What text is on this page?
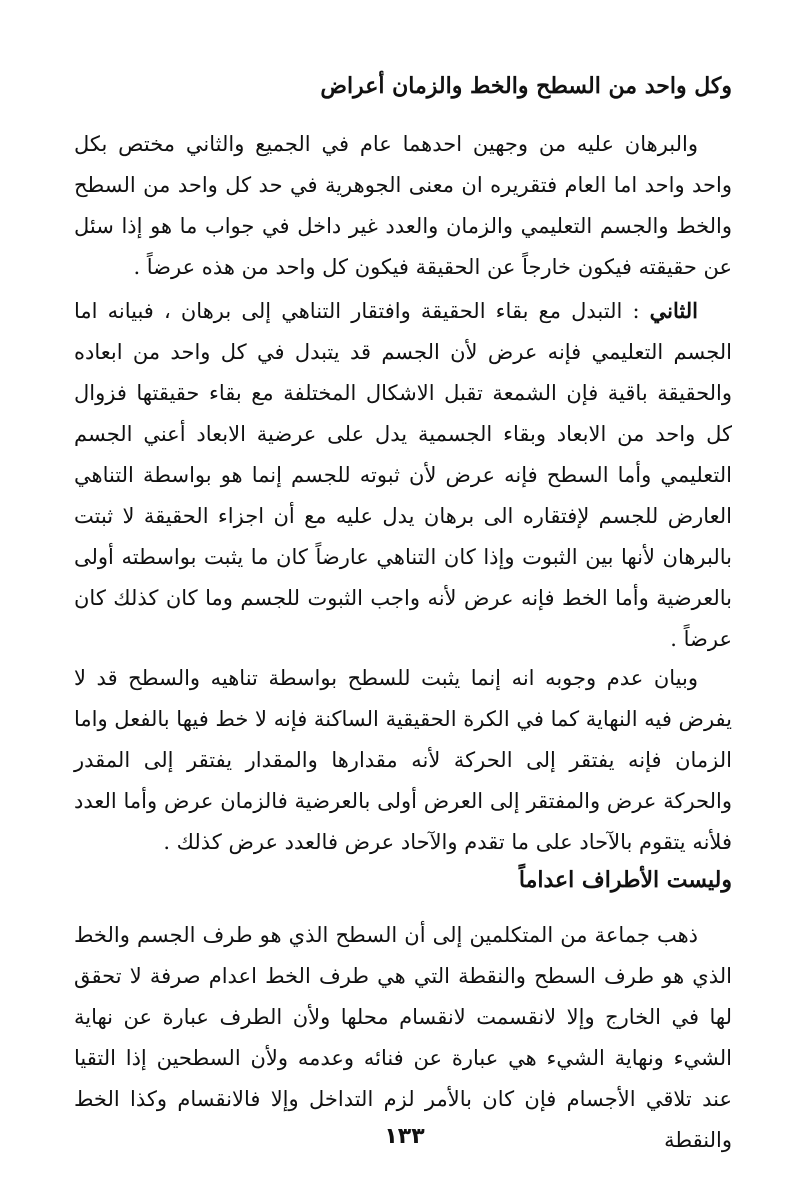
وكل واحد من السطح والخط والزمان أعراض

والبرهان عليه من وجهين احدهما عام في الجميع والثاني مختص بكل واحد واحد اما العام فتقريره ان معنى الجوهرية في حد كل واحد من السطح والخط والجسم التعليمي والزمان والعدد غير داخل في جواب ما هو إذا سئل عن حقيقته فيكون خارجاً عن الحقيقة فيكون كل واحد من هذه عرضاً .

الثاني : التبدل مع بقاء الحقيقة وافتقار التناهي إلى برهان ، فبيانه اما الجسم التعليمي فإنه عرض لأن الجسم قد يتبدل في كل واحد من ابعاده والحقيقة باقية فإن الشمعة تقبل الاشكال المختلفة مع بقاء حقيقتها فزوال كل واحد من الابعاد وبقاء الجسمية يدل على عرضية الابعاد أعني الجسم التعليمي وأما السطح فإنه عرض لأن ثبوته للجسم إنما هو بواسطة التناهي العارض للجسم لإفتقاره الى برهان يدل عليه مع أن اجزاء الحقيقة لا ثبتت بالبرهان لأنها بين الثبوت وإذا كان التناهي عارضاً كان ما يثبت بواسطته أولى بالعرضية وأما الخط فإنه عرض لأنه واجب الثبوت للجسم وما كان كذلك كان عرضاً .

وبيان عدم وجوبه انه إنما يثبت للسطح بواسطة تناهيه والسطح قد لا يفرض فيه النهاية كما في الكرة الحقيقية الساكنة فإنه لا خط فيها بالفعل واما الزمان فإنه يفتقر إلى الحركة لأنه مقدارها والمقدار يفتقر إلى المقدر والحركة عرض والمفتقر إلى العرض أولى بالعرضية فالزمان عرض وأما العدد فلأنه يتقوم بالآحاد على ما تقدم والآحاد عرض فالعدد عرض كذلك .

وليست الأطراف اعداماً

ذهب جماعة من المتكلمين إلى أن السطح الذي هو طرف الجسم والخط الذي هو طرف السطح والنقطة التي هي طرف الخط اعدام صرفة لا تحقق لها في الخارج وإلا لانقسمت لانقسام محلها ولأن الطرف عبارة عن نهاية الشيء ونهاية الشيء هي عبارة عن فنائه وعدمه ولأن السطحين إذا التقيا عند تلاقي الأجسام فإن كان بالأمر لزم التداخل وإلا فالانقسام وكذا الخط والنقطة

١٣٣
